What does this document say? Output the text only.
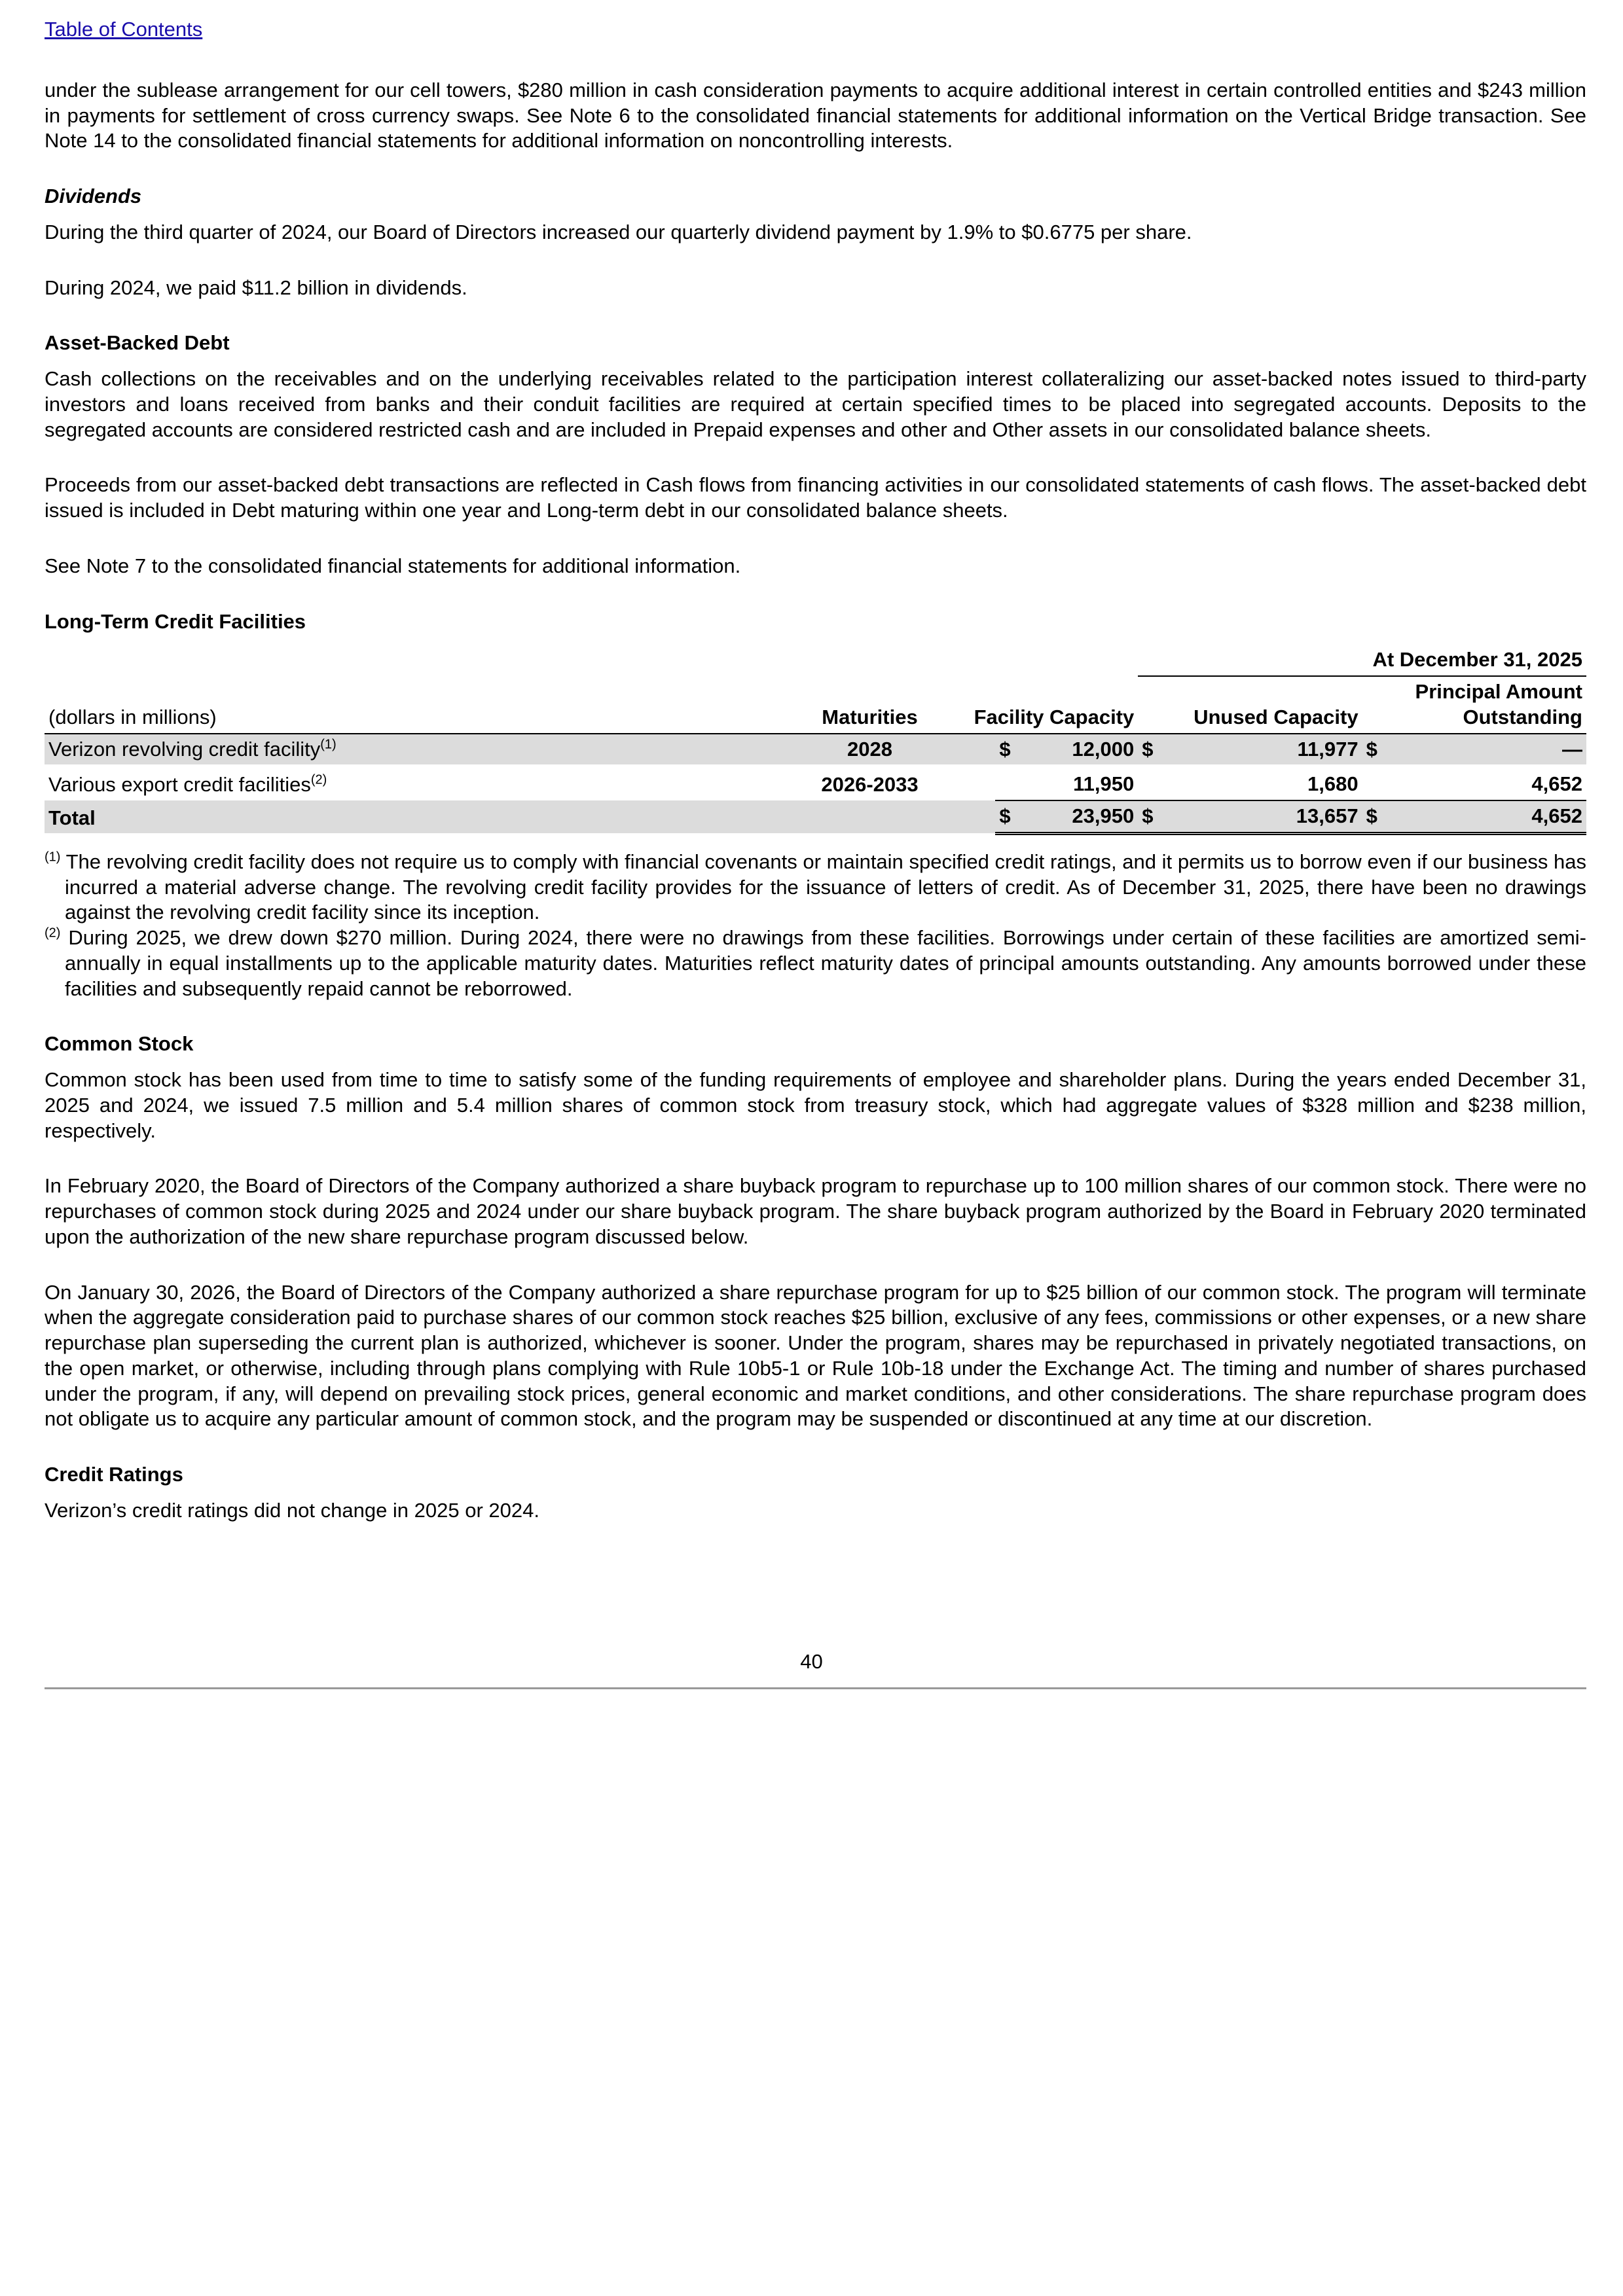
Table of Contents

under the sublease arrangement for our cell towers, $280 million in cash consideration payments to acquire additional interest in certain controlled entities and $243 million in payments for settlement of cross currency swaps. See Note 6 to the consolidated financial statements for additional information on the Vertical Bridge transaction. See Note 14 to the consolidated financial statements for additional information on noncontrolling interests.

Dividends

During the third quarter of 2024, our Board of Directors increased our quarterly dividend payment by 1.9% to $0.6775 per share.

During 2024, we paid $11.2 billion in dividends.

Asset-Backed Debt

Cash collections on the receivables and on the underlying receivables related to the participation interest collateralizing our asset-backed notes issued to third-party investors and loans received from banks and their conduit facilities are required at certain specified times to be placed into segregated accounts. Deposits to the segregated accounts are considered restricted cash and are included in Prepaid expenses and other and Other assets in our consolidated balance sheets.

Proceeds from our asset-backed debt transactions are reflected in Cash flows from financing activities in our consolidated statements of cash flows. The asset-backed debt issued is included in Debt maturing within one year and Long-term debt in our consolidated balance sheets.

See Note 7 to the consolidated financial statements for additional information.

Long-Term Credit Facilities
					At December 31, 2025			
(dollars in millions)	Maturities	Facility Capacity			Unused Capacity		Principal Amount
Outstanding	
Verizon revolving credit facility$^{(1)}$	2028		$	12,000	$	11,977	$	—
Various export credit facilities$^{(2)}$	2026-2033			11,950		1,680		4,652
Total			$	23,950	$	13,657	$	4,652

$^{(1)}$ The revolving credit facility does not require us to comply with financial covenants or maintain specified credit ratings, and it permits us to borrow even if our business has incurred a material adverse change. The revolving credit facility provides for the issuance of letters of credit. As of December 31, 2025, there have been no drawings against the revolving credit facility since its inception.

$^{(2)}$ During 2025, we drew down $270 million. During 2024, there were no drawings from these facilities. Borrowings under certain of these facilities are amortized semi-annually in equal installments up to the applicable maturity dates. Maturities reflect maturity dates of principal amounts outstanding. Any amounts borrowed under these facilities and subsequently repaid cannot be reborrowed.

Common Stock

Common stock has been used from time to time to satisfy some of the funding requirements of employee and shareholder plans. During the years ended December 31, 2025 and 2024, we issued 7.5 million and 5.4 million shares of common stock from treasury stock, which had aggregate values of $328 million and $238 million, respectively.

In February 2020, the Board of Directors of the Company authorized a share buyback program to repurchase up to 100 million shares of our common stock. There were no repurchases of common stock during 2025 and 2024 under our share buyback program. The share buyback program authorized by the Board in February 2020 terminated upon the authorization of the new share repurchase program discussed below.

On January 30, 2026, the Board of Directors of the Company authorized a share repurchase program for up to $25 billion of our common stock. The program will terminate when the aggregate consideration paid to purchase shares of our common stock reaches $25 billion, exclusive of any fees, commissions or other expenses, or a new share repurchase plan superseding the current plan is authorized, whichever is sooner. Under the program, shares may be repurchased in privately negotiated transactions, on the open market, or otherwise, including through plans complying with Rule 10b5-1 or Rule 10b-18 under the Exchange Act. The timing and number of shares purchased under the program, if any, will depend on prevailing stock prices, general economic and market conditions, and other considerations. The share repurchase program does not obligate us to acquire any particular amount of common stock, and the program may be suspended or discontinued at any time at our discretion.

Credit Ratings

Verizon’s credit ratings did not change in 2025 or 2024.

40
